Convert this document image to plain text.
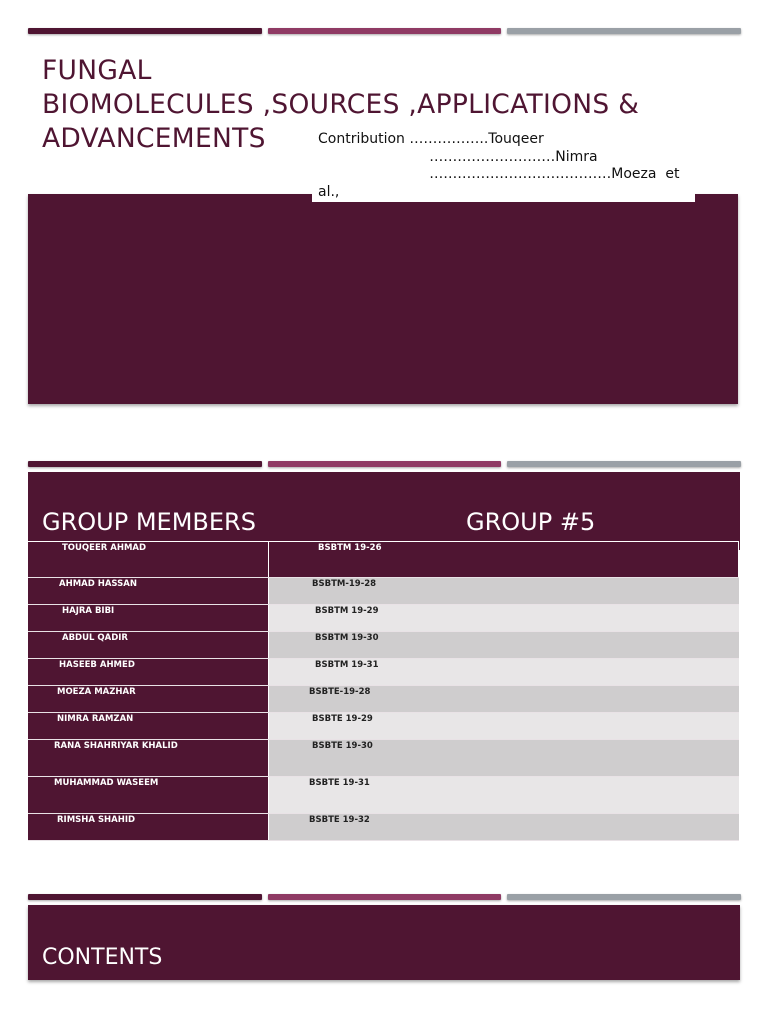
FUNGAL
BIOMOLECULES ,SOURCES ,APPLICATIONS &
ADVANCEMENTS	Contribution ……………..Touqeer
………………………Nimra
…………………………………Moeza  et
al.,
GROUP MEMBERS	GROUP #5
TOUQEER AHMAD	BSBTM 19-26
AHMAD HASSAN	BSBTM-19-28
HAJRA BIBI	BSBTM 19-29
ABDUL QADIR	BSBTM 19-30
HASEEB AHMED	BSBTM 19-31
MOEZA MAZHAR	BSBTE-19-28
NIMRA RAMZAN	BSBTE 19-29
RANA SHAHRIYAR KHALID	BSBTE 19-30
MUHAMMAD WASEEM	BSBTE 19-31
RIMSHA SHAHID	BSBTE 19-32
CONTENTS
